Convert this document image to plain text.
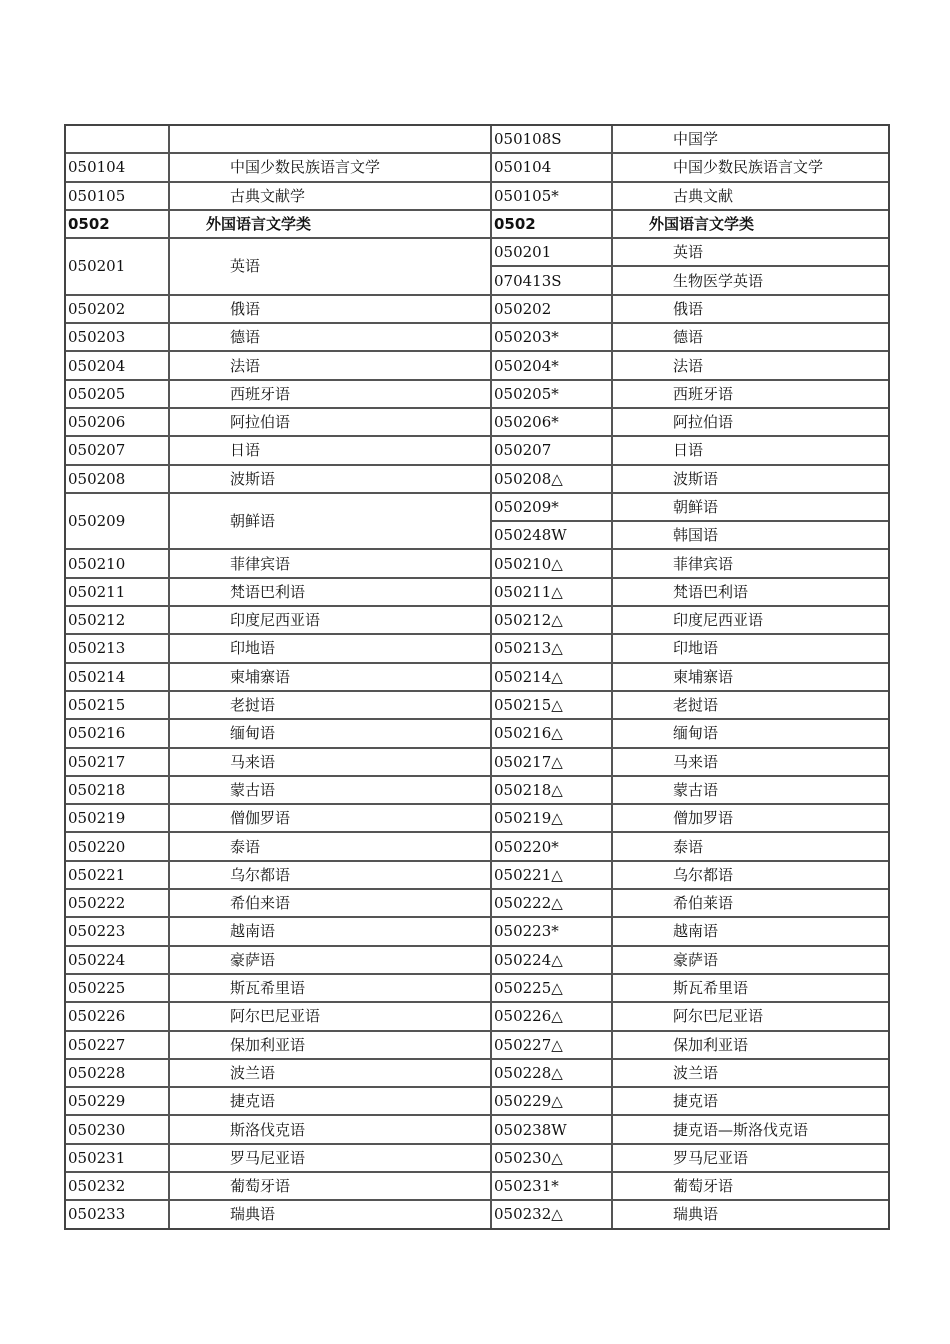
		050108S	中国学
050104	中国少数民族语言文学	050104	中国少数民族语言文学
050105	古典文献学	050105*	古典文献
0502	外国语言文学类	0502	外国语言文学类
050201	英语	050201	英语
		070413S	生物医学英语
050202	俄语	050202	俄语
050203	德语	050203*	德语
050204	法语	050204*	法语
050205	西班牙语	050205*	西班牙语
050206	阿拉伯语	050206*	阿拉伯语
050207	日语	050207	日语
050208	波斯语	050208△	波斯语
050209	朝鲜语	050209*	朝鲜语
		050248W	韩国语
050210	菲律宾语	050210△	菲律宾语
050211	梵语巴利语	050211△	梵语巴利语
050212	印度尼西亚语	050212△	印度尼西亚语
050213	印地语	050213△	印地语
050214	柬埔寨语	050214△	柬埔寨语
050215	老挝语	050215△	老挝语
050216	缅甸语	050216△	缅甸语
050217	马来语	050217△	马来语
050218	蒙古语	050218△	蒙古语
050219	僧伽罗语	050219△	僧加罗语
050220	泰语	050220*	泰语
050221	乌尔都语	050221△	乌尔都语
050222	希伯来语	050222△	希伯莱语
050223	越南语	050223*	越南语
050224	豪萨语	050224△	豪萨语
050225	斯瓦希里语	050225△	斯瓦希里语
050226	阿尔巴尼亚语	050226△	阿尔巴尼亚语
050227	保加利亚语	050227△	保加利亚语
050228	波兰语	050228△	波兰语
050229	捷克语	050229△	捷克语
050230	斯洛伐克语	050238W	捷克语—斯洛伐克语
050231	罗马尼亚语	050230△	罗马尼亚语
050232	葡萄牙语	050231*	葡萄牙语
050233	瑞典语	050232△	瑞典语
